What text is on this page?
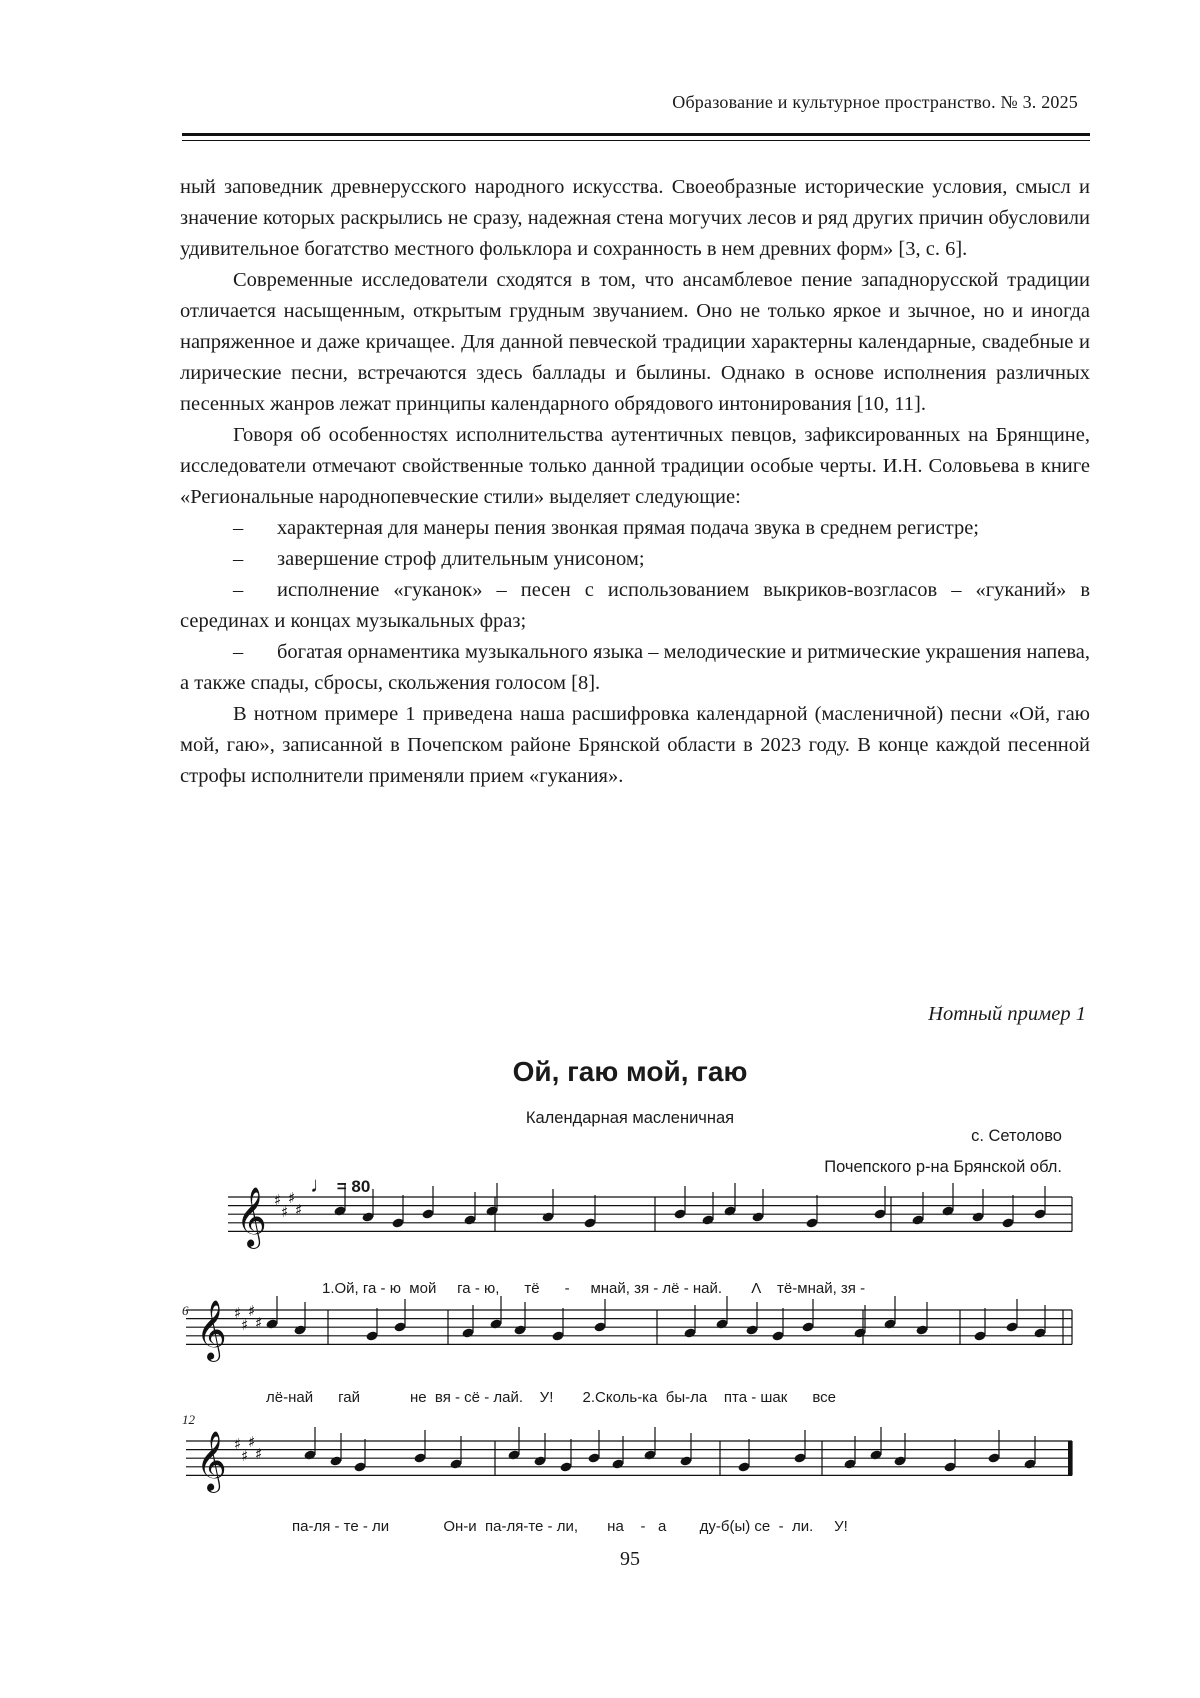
Образование и культурное пространство. № 3. 2025

ный заповедник древнерусского народного искусства. Своеобразные исторические условия, смысл и значение которых раскрылись не сразу, надежная стена могучих лесов и ряд других причин обусловили удивительное богатство местного фольклора и сохранность в нем древних форм» [3, с. 6].

Современные исследователи сходятся в том, что ансамблевое пение западнорусской традиции отличается насыщенным, открытым грудным звучанием. Оно не только яркое и зычное, но и иногда напряженное и даже кричащее. Для данной певческой традиции характерны календарные, свадебные и лирические песни, встречаются здесь баллады и былины. Однако в основе исполнения различных песенных жанров лежат принципы календарного обрядового интонирования [10, 11].

Говоря об особенностях исполнительства аутентичных певцов, зафиксированных на Брянщине, исследователи отмечают свойственные только данной традиции особые черты. И.Н. Соловьева в книге «Региональные народнопевческие стили» выделяет следующие:

– характерная для манеры пения звонкая прямая подача звука в среднем регистре;

– завершение строф длительным унисоном;

– исполнение «гуканок» – песен с использованием выкриков-возгласов – «гуканий» в серединах и концах музыкальных фраз;

– богатая орнаментика музыкального языка – мелодические и ритмические украшения напева, а также спады, сбросы, скольжения голосом [8].

В нотном примере 1 приведена наша расшифровка календарной (масленичной) песни «Ой, гаю мой, гаю», записанной в Почепском районе Брянской области в 2023 году. В конце каждой песенной строфы исполнители применяли прием «гукания».

Нотный пример 1
Ой, гаю мой, гаю
Календарная масленичная
с. Сетолово
Почепского р-на Брянской обл.
♩ = 80
𝄞 ♯
♯
♯
♯
𝄞 ♯
♯
♯
♯
𝄞 ♯
♯
♯
♯
6
12
1.Ой, га - ю  мой     га - ю,      тё      -     мнай, зя - лё - най.       Λ    тё-мнай, зя -
лё-най      гай            не  вя - сё - лай.    У!       2.Сколь-ка  бы-ла    пта - шак      все
па-ля - те - ли             Он-и  па-ля-те - ли,       на    -   а        ду-б(ы) се  -  ли.     У!
95
